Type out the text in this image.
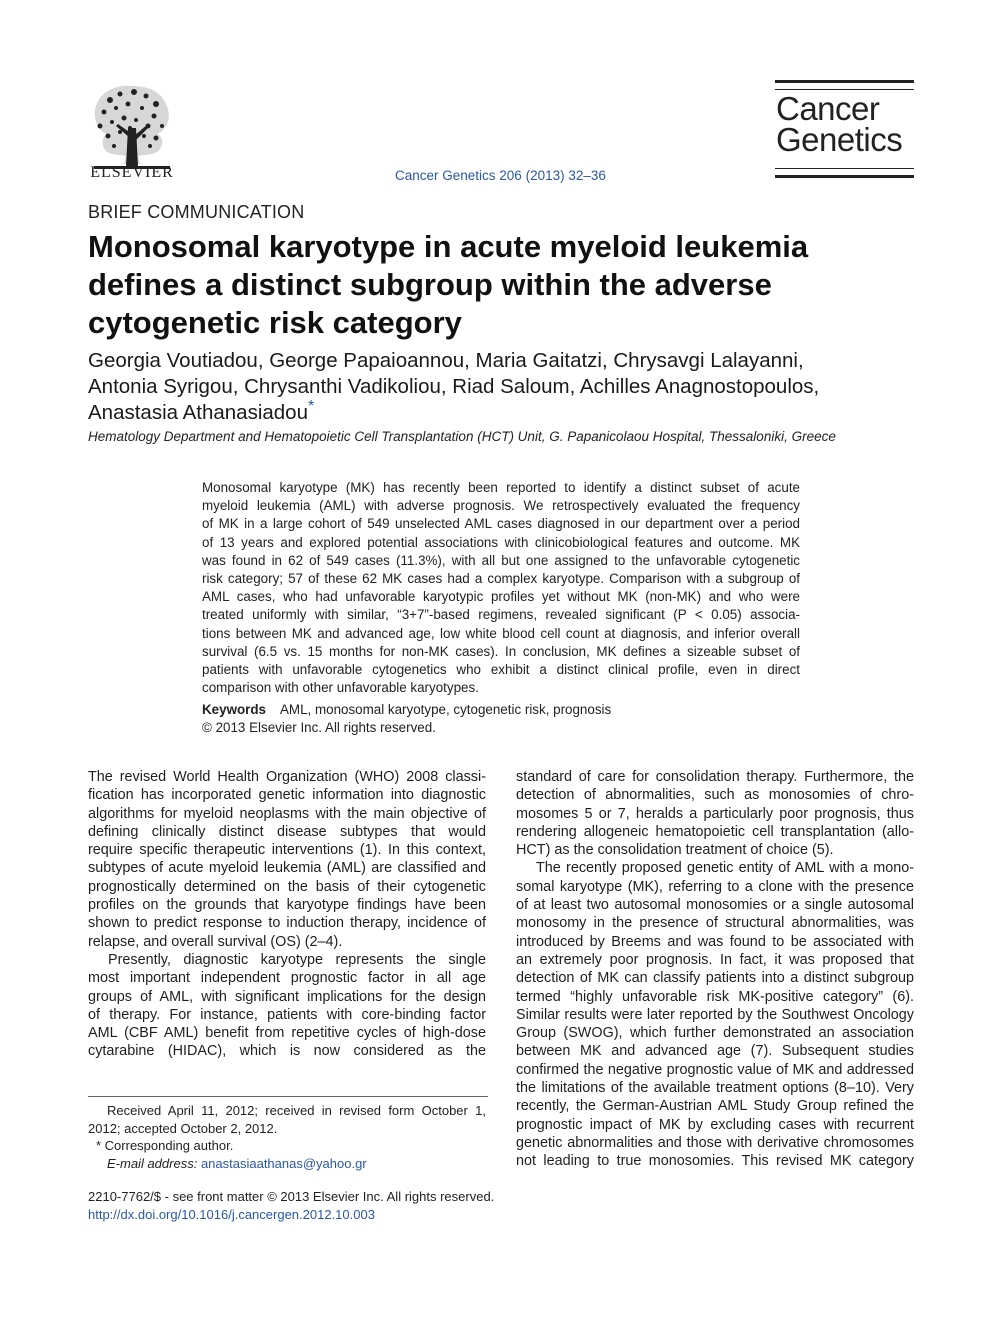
ELSEVIER	Cancer Genetics 206 (2013) 32–36
Cancer
Genetics
BRIEF COMMUNICATION
Monosomal karyotype in acute myeloid leukemia
defines a distinct subgroup within the adverse
cytogenetic risk category
Georgia Voutiadou, George Papaioannou, Maria Gaitatzi, Chrysavgi Lalayanni,
Antonia Syrigou, Chrysanthi Vadikoliou, Riad Saloum, Achilles Anagnostopoulos,
Anastasia Athanasiadou*
Hematology Department and Hematopoietic Cell Transplantation (HCT) Unit, G. Papanicolaou Hospital, Thessaloniki, Greece
Monosomal karyotype (MK) has recently been reported to identify a distinct subset of acute
myeloid leukemia (AML) with adverse prognosis. We retrospectively evaluated the frequency
of MK in a large cohort of 549 unselected AML cases diagnosed in our department over a period
of 13 years and explored potential associations with clinicobiological features and outcome. MK
was found in 62 of 549 cases (11.3%), with all but one assigned to the unfavorable cytogenetic
risk category; 57 of these 62 MK cases had a complex karyotype. Comparison with a subgroup of
AML cases, who had unfavorable karyotypic profiles yet without MK (non-MK) and who were
treated uniformly with similar, “3+7”-based regimens, revealed significant (P < 0.05) associa-
tions between MK and advanced age, low white blood cell count at diagnosis, and inferior overall
survival (6.5 vs. 15 months for non-MK cases). In conclusion, MK defines a sizeable subset of
patients with unfavorable cytogenetics who exhibit a distinct clinical profile, even in direct
comparison with other unfavorable karyotypes.
Keywords AML, monosomal karyotype, cytogenetic risk, prognosis
© 2013 Elsevier Inc. All rights reserved.
The revised World Health Organization (WHO) 2008 classi-
fication has incorporated genetic information into diagnostic
algorithms for myeloid neoplasms with the main objective of
defining clinically distinct disease subtypes that would
require specific therapeutic interventions (1). In this context,
subtypes of acute myeloid leukemia (AML) are classified and
prognostically determined on the basis of their cytogenetic
profiles on the grounds that karyotype findings have been
shown to predict response to induction therapy, incidence of
relapse, and overall survival (OS) (2–4).
Presently, diagnostic karyotype represents the single
most important independent prognostic factor in all age
groups of AML, with significant implications for the design
of therapy. For instance, patients with core-binding factor
AML (CBF AML) benefit from repetitive cycles of high-dose
cytarabine (HIDAC), which is now considered as the
standard of care for consolidation therapy. Furthermore, the
detection of abnormalities, such as monosomies of chro-
mosomes 5 or 7, heralds a particularly poor prognosis, thus
rendering allogeneic hematopoietic cell transplantation (allo-
HCT) as the consolidation treatment of choice (5).
The recently proposed genetic entity of AML with a mono-
somal karyotype (MK), referring to a clone with the presence
of at least two autosomal monosomies or a single autosomal
monosomy in the presence of structural abnormalities, was
introduced by Breems and was found to be associated with
an extremely poor prognosis. In fact, it was proposed that
detection of MK can classify patients into a distinct subgroup
termed “highly unfavorable risk MK-positive category” (6).
Similar results were later reported by the Southwest Oncology
Group (SWOG), which further demonstrated an association
between MK and advanced age (7). Subsequent studies
confirmed the negative prognostic value of MK and addressed
the limitations of the available treatment options (8–10). Very
recently, the German-Austrian AML Study Group refined the
prognostic impact of MK by excluding cases with recurrent
genetic abnormalities and those with derivative chromosomes
not leading to true monosomies. This revised MK category
Received April 11, 2012; received in revised form October 1,
2012; accepted October 2, 2012.
* Corresponding author.
E-mail address: anastasiaathanas@yahoo.gr
2210-7762/$ - see front matter © 2013 Elsevier Inc. All rights reserved.
http://dx.doi.org/10.1016/j.cancergen.2012.10.003
